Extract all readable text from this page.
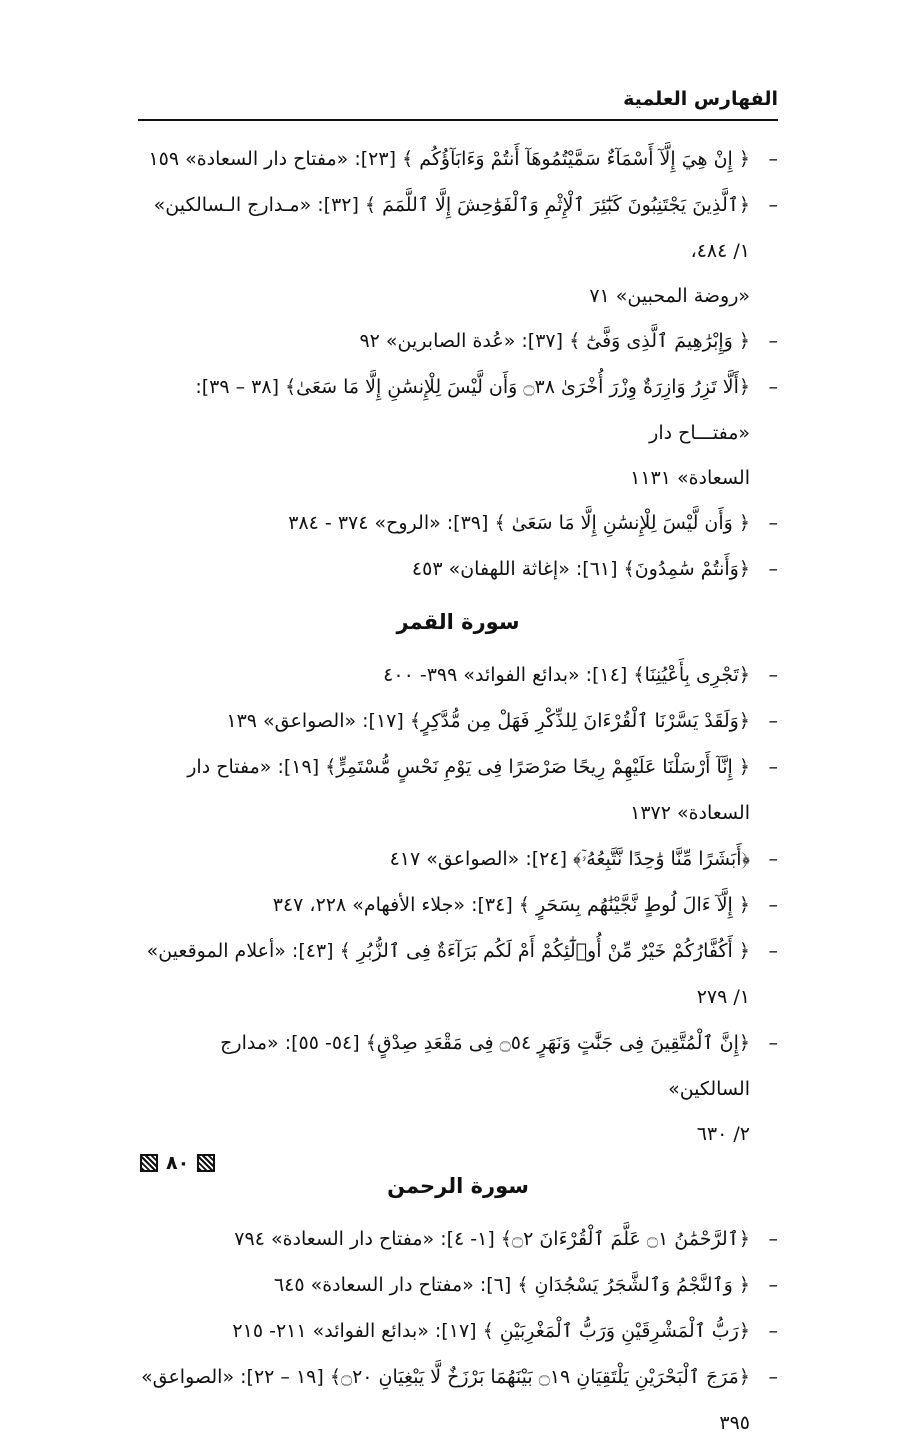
الفهارس العلمية
–
﴿ إِنْ هِيَ إِلَّآ أَسْمَآءٌ سَمَّيْتُمُوهَآ أَنتُمْ وَءَابَآؤُكُم ﴾ [٢٣]: «مفتاح دار السعادة» ١٥٩
–
﴿ٱلَّذِينَ يَجْتَنِبُونَ كَبَٰٓئِرَ ٱلْإِثْمِ وَٱلْفَوَٰحِشَ إِلَّا ٱللَّمَمَ ﴾ [٣٢]: «مـدارج الـسالكين» ١/ ٤٨٤،
«روضة المحبين» ٧١
–
﴿ وَإِبْرَٰهِيمَ ٱلَّذِى وَفَّىٰٓ ﴾ [٣٧]: «عُدة الصابرين» ٩٢
–
﴿أَلَّا تَزِرُ وَازِرَةٌ وِزْرَ أُخْرَىٰ ۝٣٨ وَأَن لَّيْسَ لِلْإِنسَٰنِ إِلَّا مَا سَعَىٰ﴾ [٣٨ – ٣٩]: «مفتـــاح دار
السعادة» ١١٣١
–
﴿ وَأَن لَّيْسَ لِلْإِنسَٰنِ إِلَّا مَا سَعَىٰ ﴾ [٣٩]: «الروح» ٣٧٤ - ٣٨٤
–
﴿وَأَنتُمْ سَٰمِدُونَ﴾ [٦١]: «إغاثة اللهفان» ٤٥٣
سورة القمر
–
﴿تَجْرِى بِأَعْيُنِنَا﴾ [١٤]: «بدائع الفوائد» ٣٩٩- ٤٠٠
–
﴿وَلَقَدْ يَسَّرْنَا ٱلْقُرْءَانَ لِلذِّكْرِ فَهَلْ مِن مُّدَّكِرٍ﴾ [١٧]: «الصواعق» ١٣٩
–
﴿ إِنَّآ أَرْسَلْنَا عَلَيْهِمْ رِيحًا صَرْصَرًا فِى يَوْمِ نَحْسٍ مُّسْتَمِرٍّ﴾ [١٩]: «مفتاح دار السعادة» ١٣٧٢
–
﴿أَبَشَرًا مِّنَّا وَٰحِدًا نَّتَّبِعُهُۥٓ﴾ [٢٤]: «الصواعق» ٤١٧
–
﴿ إِلَّآ ءَالَ لُوطٍ نَّجَّيْنَٰهُم بِسَحَرٍ ﴾ [٣٤]: «جلاء الأفهام» ٢٢٨، ٣٤٧
–
﴿ أَكُفَّارُكُمْ خَيْرٌ مِّنْ أُو۟لَٰٓئِكُمْ أَمْ لَكُم بَرَآءَةٌ فِى ٱلزُّبُرِ ﴾ [٤٣]: «أعلام الموقعين» ١/ ٢٧٩
–
﴿إِنَّ ٱلْمُتَّقِينَ فِى جَنَّٰتٍ وَنَهَرٍ ۝٥٤ فِى مَقْعَدِ صِدْقٍ﴾ [٥٤- ٥٥]: «مدارج السالكين»
٢/ ٦٣٠
سورة الرحمن
–
﴿ٱلرَّحْمَٰنُ ۝١ عَلَّمَ ٱلْقُرْءَانَ ۝٢﴾ [١- ٤]: «مفتاح دار السعادة» ٧٩٤
–
﴿ وَٱلنَّجْمُ وَٱلشَّجَرُ يَسْجُدَانِ ﴾ [٦]: «مفتاح دار السعادة» ٦٤٥
–
﴿رَبُّ ٱلْمَشْرِقَيْنِ وَرَبُّ ٱلْمَغْرِبَيْنِ ﴾ [١٧]: «بدائع الفوائد» ٢١١- ٢١٥
–
﴿مَرَجَ ٱلْبَحْرَيْنِ يَلْتَقِيَانِ ۝١٩ بَيْنَهُمَا بَرْزَخٌ لَّا يَبْغِيَانِ ۝٢٠﴾ [١٩ – ٢٢]: «الصواعق» ٣٩٥
٨٠
